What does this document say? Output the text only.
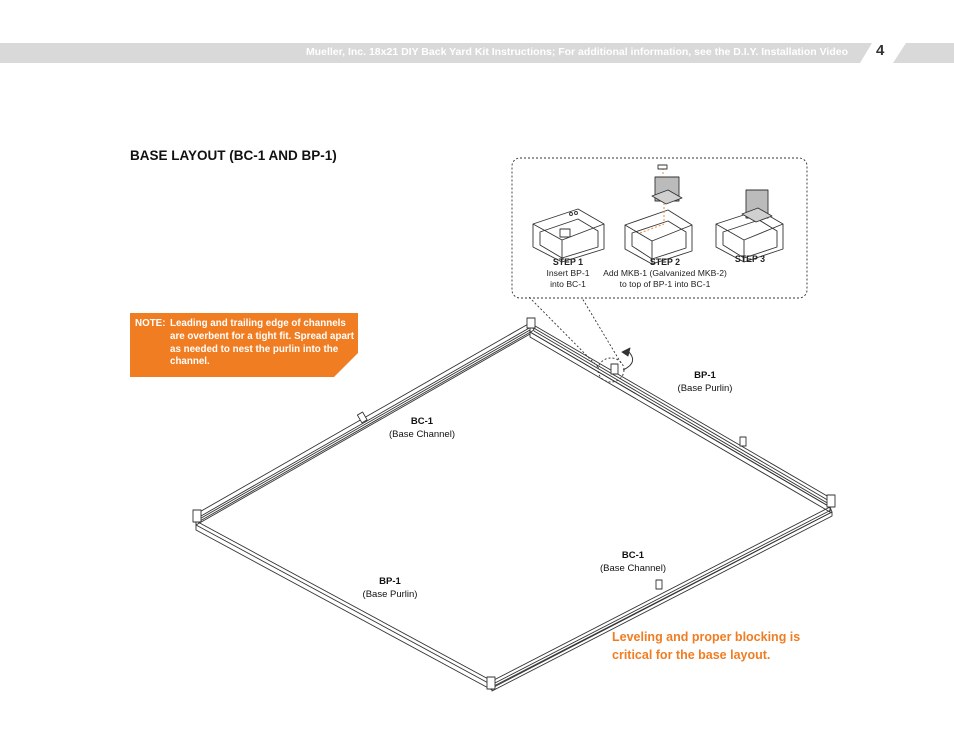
Mueller, Inc. 18x21 DIY Back Yard Kit Instructions; For additional information, see the D.I.Y. Installation Video 4
BASE LAYOUT (BC-1 AND BP-1)
NOTE: Leading and trailing edge of channels are overbent for a tight fit. Spread apart as needed to nest the purlin into the channel.
STEP 1
Insert BP-1
into BC-1
STEP 2
Add MKB-1 (Galvanized MKB-2)
to top of BP-1 into BC-1
STEP 3
BP-1
(Base Purlin)
BC-1
(Base Channel)
BC-1
(Base Channel)
BP-1
(Base Purlin)
Leveling and proper blocking is critical for the base layout.
